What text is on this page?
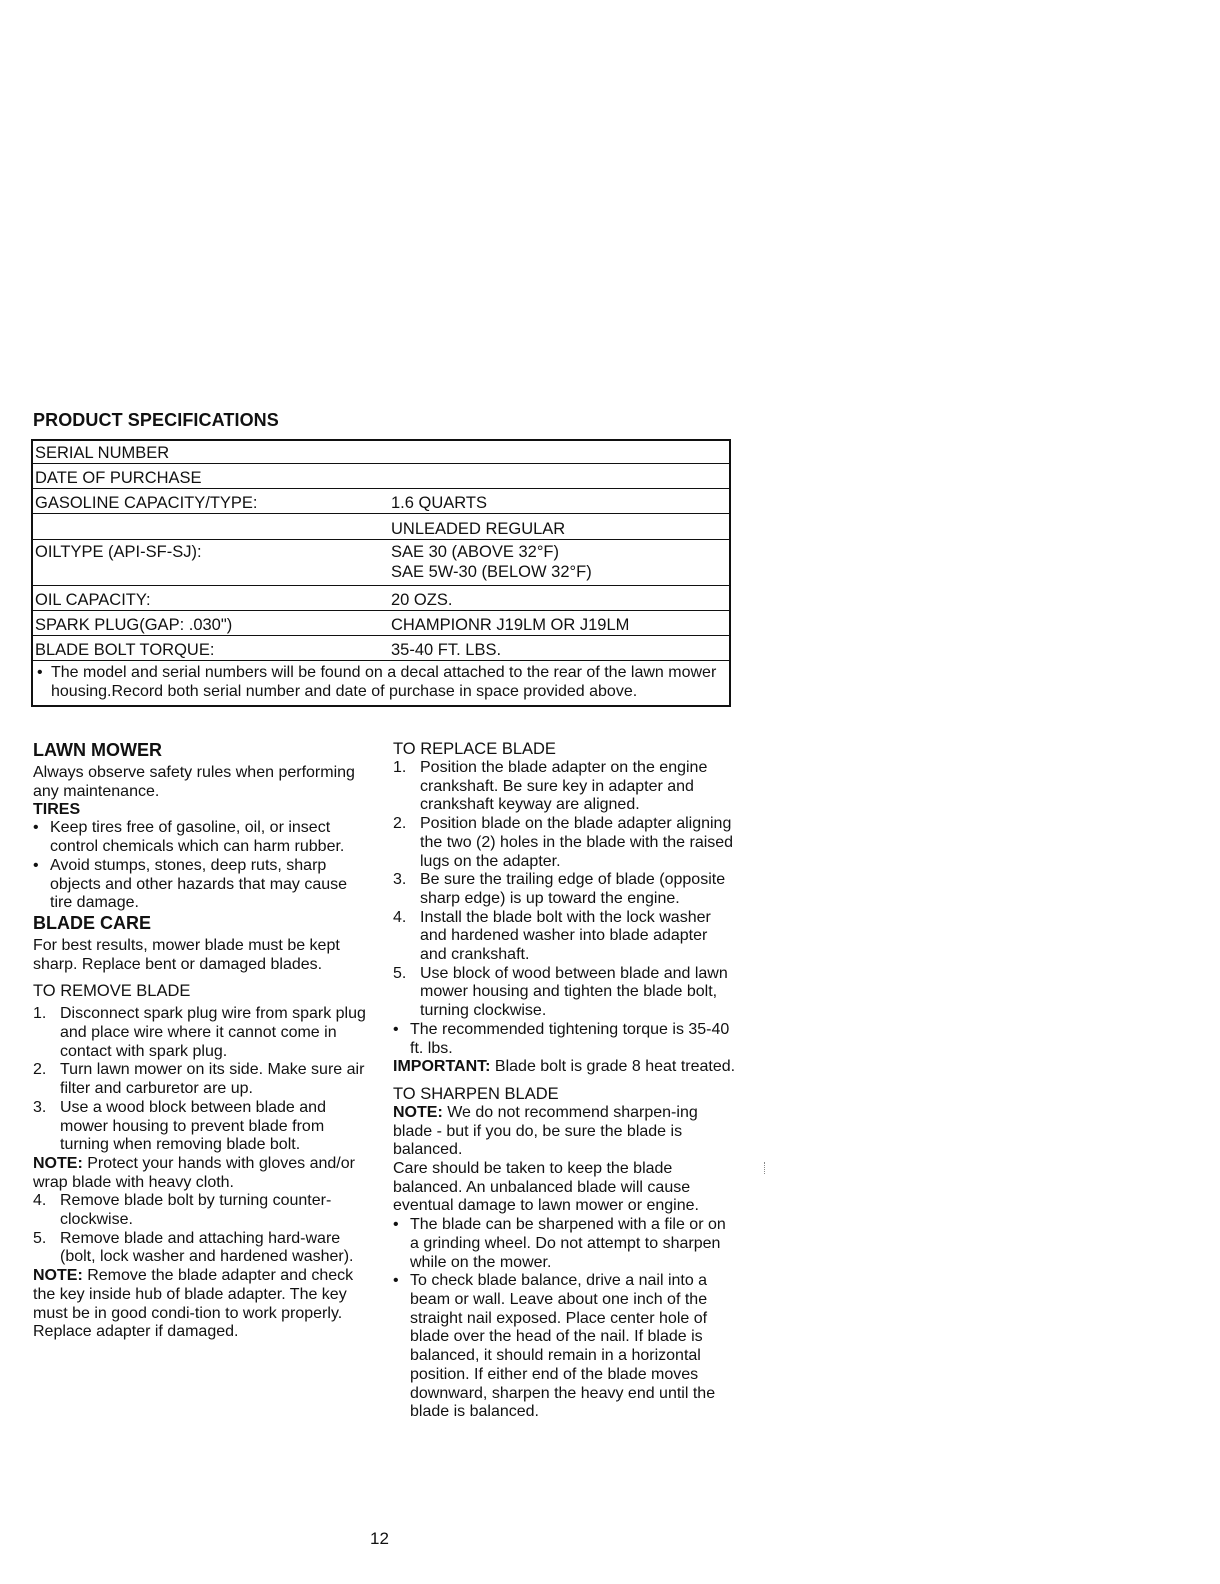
PRODUCT SPECIFICATIONS
SERIAL NUMBER
DATE OF PURCHASE
GASOLINE CAPACITY/TYPE:	1.6 QUARTS
UNLEADED REGULAR
OILTYPE (API-SF-SJ):	SAE 30 (ABOVE 32°F)
SAE 5W-30 (BELOW 32°F)
OIL CAPACITY:	20 OZS.
SPARK PLUG(GAP: .030")	CHAMPIONR J19LM OR J19LM
BLADE BOLT TORQUE:	35-40 FT. LBS.
• The model and serial numbers will be found on a decal attached to the rear of the lawn mower housing.Record both serial number and date of purchase in space provided above.
LAWN MOWER

Always observe safety rules when performing any maintenance.

TIRES
• Keep tires free of gasoline, oil, or insect control chemicals which can harm rubber.
• Avoid stumps, stones, deep ruts, sharp objects and other hazards that may cause tire damage.
BLADE CARE

For best results, mower blade must be kept sharp. Replace bent or damaged blades.

TO REMOVE BLADE
1. Disconnect spark plug wire from spark plug and place wire where it cannot come in contact with spark plug.
2. Turn lawn mower on its side. Make sure air filter and carburetor are up.
3. Use a wood block between blade and mower housing to prevent blade from turning when removing blade bolt.

NOTE: Protect your hands with gloves and/or wrap blade with heavy cloth.

4. Remove blade bolt by turning counter-clockwise.
5. Remove blade and attaching hard-ware (bolt, lock washer and hardened washer).

NOTE: Remove the blade adapter and check the key inside hub of blade adapter. The key must be in good condi-tion to work properly. Replace adapter if damaged.

TO REPLACE BLADE
1. Position the blade adapter on the engine crankshaft. Be sure key in adapter and crankshaft keyway are aligned.
2. Position blade on the blade adapter aligning the two (2) holes in the blade with the raised lugs on the adapter.
3. Be sure the trailing edge of blade (opposite sharp edge) is up toward the engine.
4. Install the blade bolt with the lock washer and hardened washer into blade adapter and crankshaft.
5. Use block of wood between blade and lawn mower housing and tighten the blade bolt, turning clockwise.
• The recommended tightening torque is 35-40 ft. lbs.

IMPORTANT: Blade bolt is grade 8 heat treated.

TO SHARPEN BLADE

NOTE: We do not recommend sharpen-ing blade - but if you do, be sure the blade is balanced.

Care should be taken to keep the blade balanced. An unbalanced blade will cause eventual damage to lawn mower or engine.

• The blade can be sharpened with a file or on a grinding wheel. Do not attempt to sharpen while on the mower.
• To check blade balance, drive a nail into a beam or wall. Leave about one inch of the straight nail exposed. Place center hole of blade over the head of the nail. If blade is balanced, it should remain in a horizontal position. If either end of the blade moves downward, sharpen the heavy end until the blade is balanced.
12
